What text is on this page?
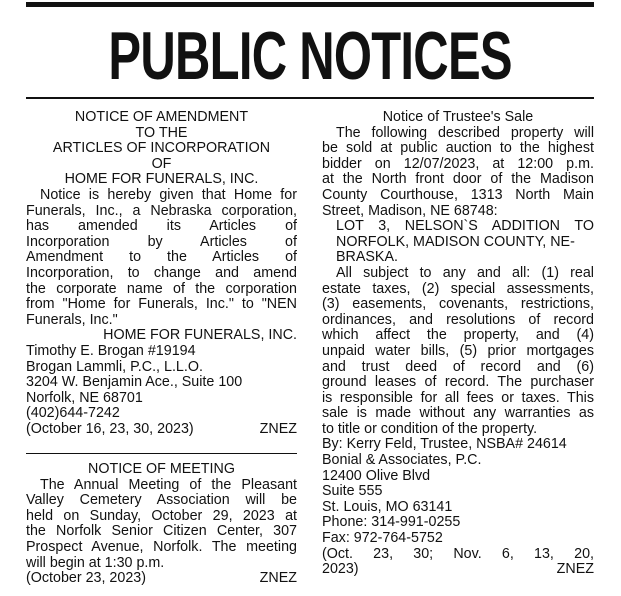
PUBLIC NOTICES
NOTICE OF AMENDMENT
TO THE
ARTICLES OF INCORPORATION
OF
HOME FOR FUNERALS, INC.
Notice is hereby given that Home for
Funerals, Inc., a Nebraska corporation,
has amended its Articles of
Incorporation by Articles of
Amendment to the Articles of
Incorporation, to change and amend
the corporate name of the corporation
from "Home for Funerals, Inc." to "NEN
Funerals, Inc."
HOME FOR FUNERALS, INC.
Timothy E. Brogan #19194
Brogan Lammli, P.C., L.L.O.
3204 W. Benjamin Ace., Suite 100
Norfolk, NE 68701
(402)644-7242
(October 16, 23, 30, 2023)	ZNEZ
NOTICE OF MEETING
The Annual Meeting of the Pleasant
Valley Cemetery Association will be
held on Sunday, October 29, 2023 at
the Norfolk Senior Citizen Center, 307
Prospect Avenue, Norfolk. The meeting
will begin at 1:30 p.m.
(October 23, 2023)	ZNEZ
Notice of Trustee's Sale
The following described property will
be sold at public auction to the highest
bidder on 12/07/2023, at 12:00 p.m.
at the North front door of the Madison
County Courthouse, 1313 North Main
Street, Madison, NE 68748:
LOT 3, NELSON`S ADDITION TO
NORFOLK, MADISON COUNTY, NE-
BRASKA.
All subject to any and all: (1) real
estate taxes, (2) special assessments,
(3) easements, covenants, restrictions,
ordinances, and resolutions of record
which affect the property, and (4)
unpaid water bills, (5) prior mortgages
and trust deed of record and (6)
ground leases of record. The purchaser
is responsible for all fees or taxes. This
sale is made without any warranties as
to title or condition of the property.
By: Kerry Feld, Trustee, NSBA# 24614
Bonial & Associates, P.C.
12400 Olive Blvd
Suite 555
St. Louis, MO 63141
Phone: 314-991-0255
Fax: 972-764-5752
(Oct. 23, 30; Nov. 6, 13, 20,
2023)	ZNEZ
